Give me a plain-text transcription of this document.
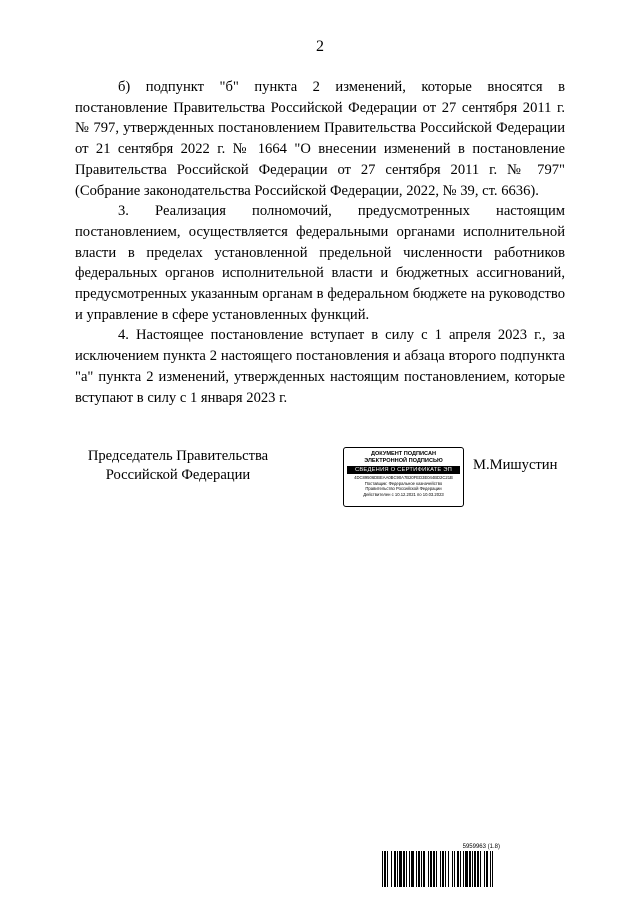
2

б) подпункт "б" пункта 2 изменений, которые вносятся в постановление Правительства Российской Федерации от 27 сентября 2011 г. № 797, утвержденных постановлением Правительства Российской Федерации от 21 сентября 2022 г. № 1664 "О внесении изменений в постановление Правительства Российской Федерации от 27 сентября 2011 г. № 797" (Собрание законодательства Российской Федерации, 2022, № 39, ст. 6636).

3. Реализация полномочий, предусмотренных настоящим постановлением, осуществляется федеральными органами исполнительной власти в пределах установленной предельной численности работников федеральных органов исполнительной власти и бюджетных ассигнований, предусмотренных указанным органам в федеральном бюджете на руководство и управление в сфере установленных функций.

4. Настоящее постановление вступает в силу с 1 апреля 2023 г., за исключением пункта 2 настоящего постановления и абзаца второго подпункта "а" пункта 2 изменений, утвержденных настоящим постановлением, которые вступают в силу с 1 января 2023 г.

Председатель Правительства
Российской Федерации
ДОКУМЕНТ ПОДПИСАН
ЭЛЕКТРОННОЙ ПОДПИСЬЮ
СВЕДЕНИЯ О СЕРТИФИКАТЕ ЭП
4DC89506DBEAA0BC90A7B20FED3E044BD2C21B
Поставщик: Федеральное казначейство
Правительство Российской Федерации
Действителен с 10.12.2021 по 10.03.2023
М.Мишустин
5959963 (1.8)
